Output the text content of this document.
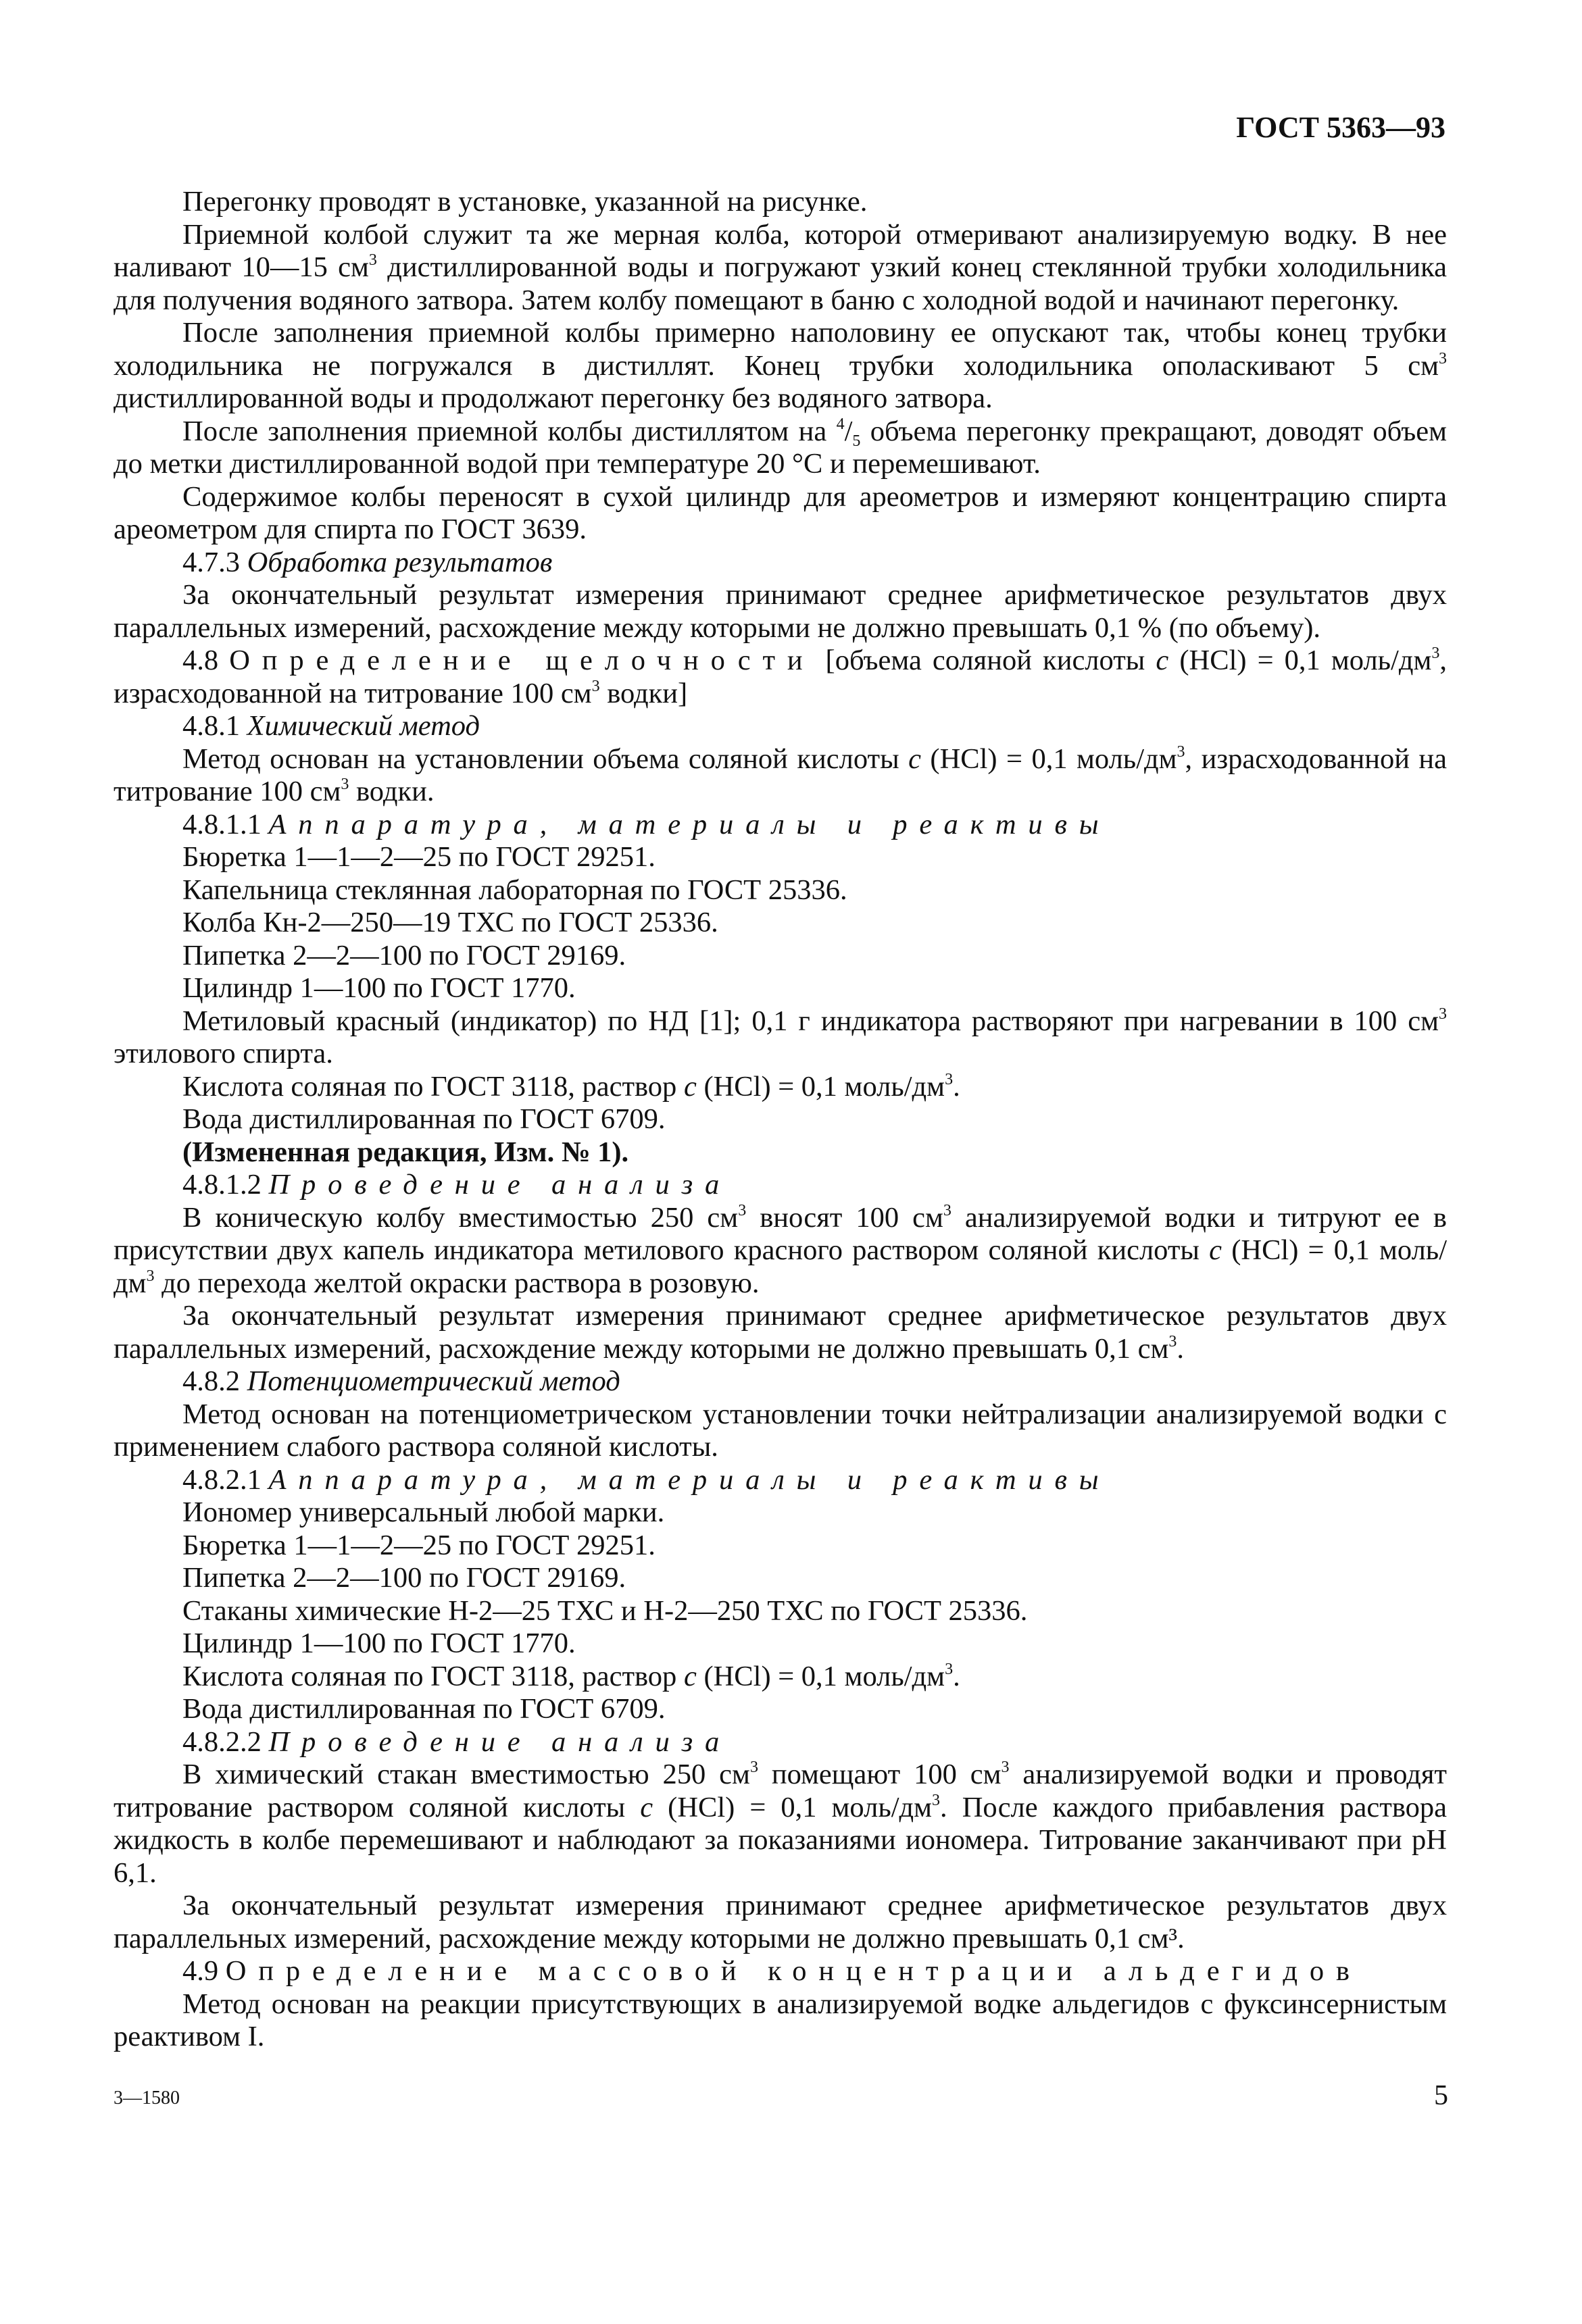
ГОСТ 5363—93

Перегонку проводят в установке, указанной на рисунке.

Приемной колбой служит та же мерная колба, которой отмеривают анализируемую водку. В нее наливают 10—15 $см^3$ дистиллированной воды и погружают узкий конец стеклянной трубки холодильника для получения водяного затвора. Затем колбу помещают в баню с холодной водой и начинают перегонку.

После заполнения приемной колбы примерно наполовину ее опускают так, чтобы конец трубки холодильника не погружался в дистиллят. Конец трубки холодильника ополаскивают 5 $см^3$ дистиллированной воды и продолжают перегонку без водяного затвора.

После заполнения приемной колбы дистиллятом на $^4/_5$ объема перегонку прекращают, доводят объем до метки дистиллированной водой при температуре 20 °С и перемешивают.

Содержимое колбы переносят в сухой цилиндр для ареометров и измеряют концентрацию спирта ареометром для спирта по ГОСТ 3639.

4.7.3 Обработка результатов

За окончательный результат измерения принимают среднее арифметическое результатов двух параллельных измерений, расхождение между которыми не должно превышать 0,1 % (по объему).

4.8 Определение щелочности [объема соляной кислоты c (HCl) = 0,1 моль/$дм^3$, израсходованной на титрование 100 $см^3$ водки]

4.8.1 Химический метод

Метод основан на установлении объема соляной кислоты c (HCl) = 0,1 моль/$дм^3$, израсходованной на титрование 100 $см^3$ водки.

4.8.1.1 Аппаратура, материалы и реактивы

Бюретка 1—1—2—25 по ГОСТ 29251.

Капельница стеклянная лабораторная по ГОСТ 25336.

Колба Кн-2—250—19 ТХС по ГОСТ 25336.

Пипетка 2—2—100 по ГОСТ 29169.

Цилиндр 1—100 по ГОСТ 1770.

Метиловый красный (индикатор) по НД [1]; 0,1 г индикатора растворяют при нагревании в 100 $см^3$ этилового спирта.

Кислота соляная по ГОСТ 3118, раствор c (HCl) = 0,1 моль/$дм^3$.

Вода дистиллированная по ГОСТ 6709.

(Измененная редакция, Изм. № 1).

4.8.1.2 Проведение анализа

В коническую колбу вместимостью 250 $см^3$ вносят 100 $см^3$ анализируемой водки и титруют ее в присутствии двух капель индикатора метилового красного раствором соляной кислоты c (HCl) = 0,1 моль/$дм^3$ до перехода желтой окраски раствора в розовую.

За окончательный результат измерения принимают среднее арифметическое результатов двух параллельных измерений, расхождение между которыми не должно превышать 0,1 $см^3$.

4.8.2 Потенциометрический метод

Метод основан на потенциометрическом установлении точки нейтрализации анализируемой водки с применением слабого раствора соляной кислоты.

4.8.2.1 Аппаратура, материалы и реактивы

Иономер универсальный любой марки.

Бюретка 1—1—2—25 по ГОСТ 29251.

Пипетка 2—2—100 по ГОСТ 29169.

Стаканы химические Н-2—25 ТХС и Н-2—250 ТХС по ГОСТ 25336.

Цилиндр 1—100 по ГОСТ 1770.

Кислота соляная по ГОСТ 3118, раствор c (HCl) = 0,1 моль/$дм^3$.

Вода дистиллированная по ГОСТ 6709.

4.8.2.2 Проведение анализа

В химический стакан вместимостью 250 $см^3$ помещают 100 $см^3$ анализируемой водки и проводят титрование раствором соляной кислоты c (HCl) = 0,1 моль/$дм^3$. После каждого прибавления раствора жидкость в колбе перемешивают и наблюдают за показаниями иономера. Титрование заканчивают при рН 6,1.

За окончательный результат измерения принимают среднее арифметическое результатов двух параллельных измерений, расхождение между которыми не должно превышать 0,1 см³.

4.9 Определение массовой концентрации альдегидов

Метод основан на реакции присутствующих в анализируемой водке альдегидов с фуксинсернистым реактивом I.

3—1580	5
